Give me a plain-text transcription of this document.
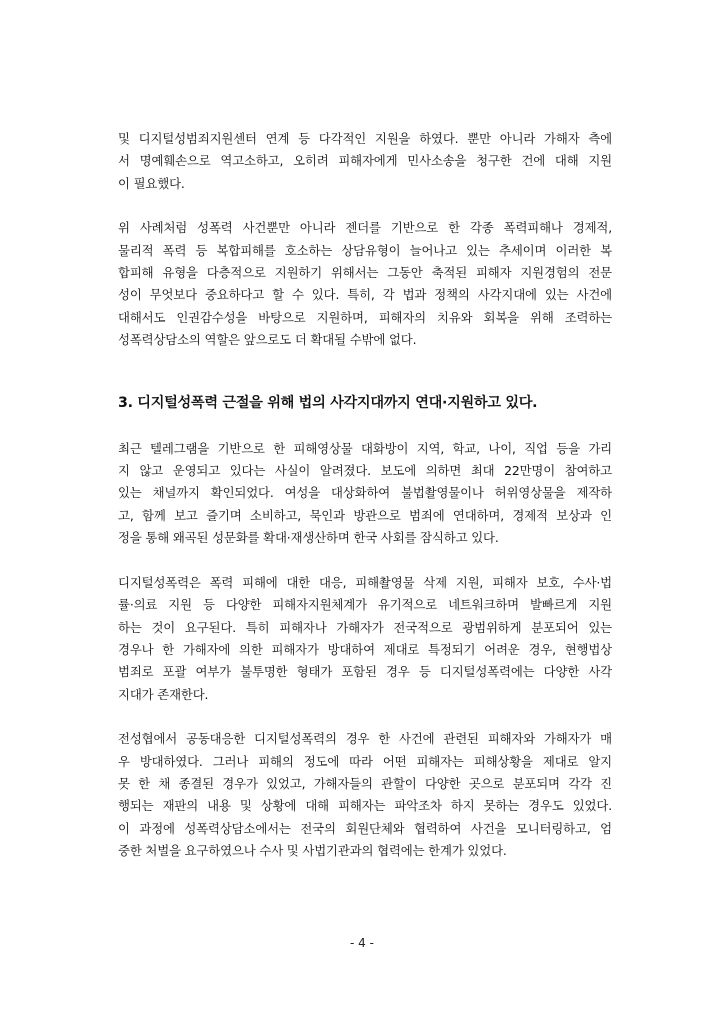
및 디지털성범죄지원센터 연계 등 다각적인 지원을 하였다. 뿐만 아니라 가해자 측에
서 명예훼손으로 역고소하고, 오히려 피해자에게 민사소송을 청구한 건에 대해 지원
이 필요했다.
위 사례처럼 성폭력 사건뿐만 아니라 젠더를 기반으로 한 각종 폭력피해나 경제적,
물리적 폭력 등 복합피해를 호소하는 상담유형이 늘어나고 있는 추세이며 이러한 복
합피해 유형을 다층적으로 지원하기 위해서는 그동안 축적된 피해자 지원경험의 전문
성이 무엇보다 중요하다고 할 수 있다. 특히, 각 법과 정책의 사각지대에 있는 사건에
대해서도 인권감수성을 바탕으로 지원하며, 피해자의 치유와 회복을 위해 조력하는
성폭력상담소의 역할은 앞으로도 더 확대될 수밖에 없다.
3. 디지털성폭력 근절을 위해 법의 사각지대까지 연대·지원하고 있다.
최근 텔레그램을 기반으로 한 피해영상물 대화방이 지역, 학교, 나이, 직업 등을 가리
지 않고 운영되고 있다는 사실이 알려졌다. 보도에 의하면 최대 22만명이 참여하고
있는 채널까지 확인되었다. 여성을 대상화하여 불법촬영물이나 허위영상물을 제작하
고, 함께 보고 즐기며 소비하고, 묵인과 방관으로 범죄에 연대하며, 경제적 보상과 인
정을 통해 왜곡된 성문화를 확대·재생산하며 한국 사회를 잠식하고 있다.
디지털성폭력은 폭력 피해에 대한 대응, 피해촬영물 삭제 지원, 피해자 보호, 수사·법
률·의료 지원 등 다양한 피해자지원체계가 유기적으로 네트워크하며 발빠르게 지원
하는 것이 요구된다. 특히 피해자나 가해자가 전국적으로 광범위하게 분포되어 있는
경우나 한 가해자에 의한 피해자가 방대하여 제대로 특정되기 어려운 경우, 현행법상
범죄로 포괄 여부가 불투명한 형태가 포함된 경우 등 디지털성폭력에는 다양한 사각
지대가 존재한다.
전성협에서 공동대응한 디지털성폭력의 경우 한 사건에 관련된 피해자와 가해자가 매
우 방대하였다. 그러나 피해의 정도에 따라 어떤 피해자는 피해상황을 제대로 알지
못 한 채 종결된 경우가 있었고, 가해자들의 관할이 다양한 곳으로 분포되며 각각 진
행되는 재판의 내용 및 상황에 대해 피해자는 파악조차 하지 못하는 경우도 있었다.
이 과정에 성폭력상담소에서는 전국의 회원단체와 협력하여 사건을 모니터링하고, 엄
중한 처벌을 요구하였으나 수사 및 사법기관과의 협력에는 한계가 있었다.
- 4 -
